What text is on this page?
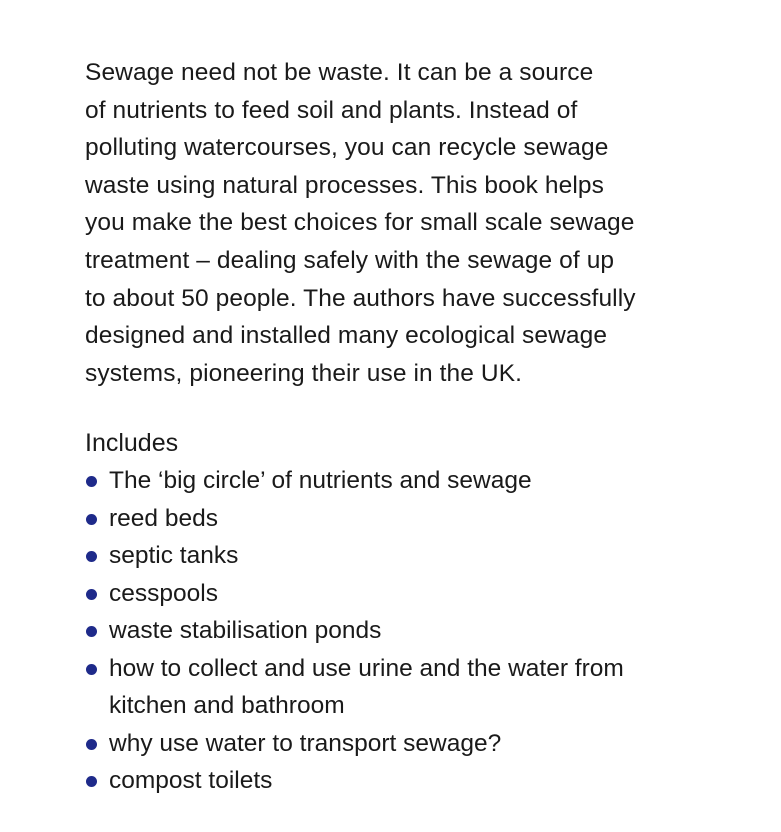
Sewage need not be waste. It can be a source
of nutrients to feed soil and plants. Instead of
polluting watercourses, you can recycle sewage
waste using natural processes. This book helps
you make the best choices for small scale sewage
treatment – dealing safely with the sewage of up
to about 50 people. The authors have successfully
designed and installed many ecological sewage
systems, pioneering their use in the UK.

Includes
The ‘big circle’ of nutrients and sewage
reed beds
septic tanks
cesspools
waste stabilisation ponds
how to collect and use urine and the water from
kitchen and bathroom
why use water to transport sewage?
compost toilets
